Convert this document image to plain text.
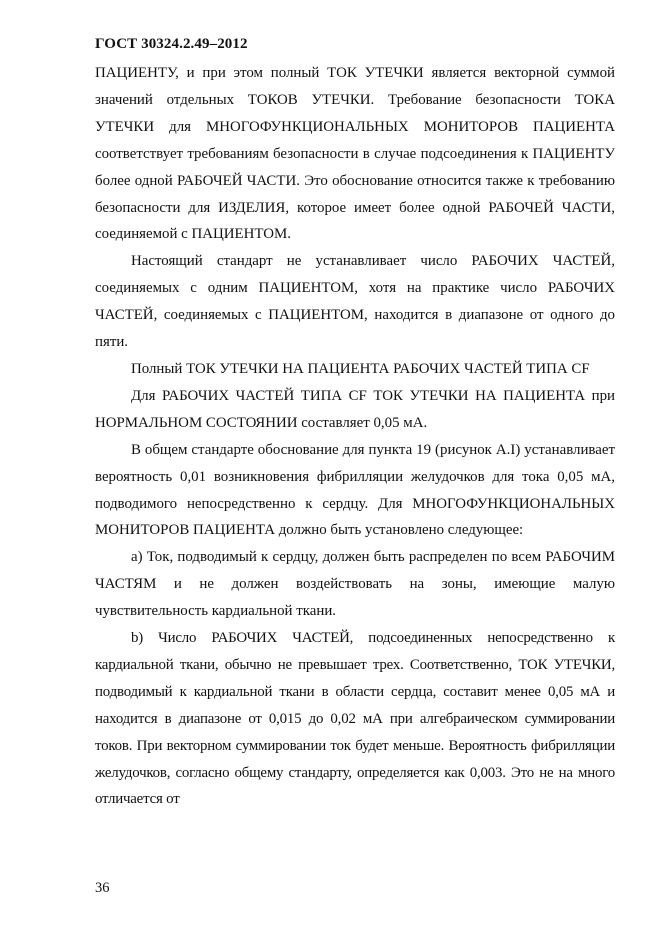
ГОСТ 30324.2.49–2012

ПАЦИЕНТУ, и при этом полный ТОК УТЕЧКИ является векторной суммой значений отдельных ТОКОВ УТЕЧКИ. Требование безопасности ТОКА УТЕЧКИ для МНОГОФУНКЦИОНАЛЬНЫХ МОНИТОРОВ ПАЦИЕНТА соответствует требованиям безопасности в случае подсоединения к ПАЦИЕНТУ более одной РАБОЧЕЙ ЧАСТИ. Это обоснование относится также к требованию безопасности для ИЗДЕЛИЯ, которое имеет более одной РАБОЧЕЙ ЧАСТИ, соединяемой с ПАЦИЕНТОМ.

Настоящий стандарт не устанавливает число РАБОЧИХ ЧАСТЕЙ, соединяемых с одним ПАЦИЕНТОМ, хотя на практике число РАБОЧИХ ЧАСТЕЙ, соединяемых с ПАЦИЕНТОМ, находится в диапазоне от одного до пяти.

Полный ТОК УТЕЧКИ НА ПАЦИЕНТА РАБОЧИХ ЧАСТЕЙ ТИПА CF

Для РАБОЧИХ ЧАСТЕЙ ТИПА CF ТОК УТЕЧКИ НА ПАЦИЕНТА при НОРМАЛЬНОМ СОСТОЯНИИ составляет 0,05 мА.

В общем стандарте обоснование для пункта 19 (рисунок А.I) устанавливает вероятность 0,01 возникновения фибрилляции желудочков для тока 0,05 мА, подводимого непосредственно к сердцу. Для МНОГОФУНКЦИОНАЛЬНЫХ МОНИТОРОВ ПАЦИЕНТА должно быть установлено следующее:

a) Ток, подводимый к сердцу, должен быть распределен по всем РАБОЧИМ ЧАСТЯМ и не должен воздействовать на зоны, имеющие малую чувствительность кардиальной ткани.

b) Число РАБОЧИХ ЧАСТЕЙ, подсоединенных непосредственно к кардиальной ткани, обычно не превышает трех. Соответственно, ТОК УТЕЧКИ, подводимый к кардиальной ткани в области сердца, составит менее 0,05 мА и находится в диапазоне от 0,015 до 0,02 мА при алгебраическом суммировании токов. При векторном суммировании ток будет меньше. Вероятность фибрилляции желудочков, согласно общему стандарту, определяется как 0,003. Это не на много отличается от

36
